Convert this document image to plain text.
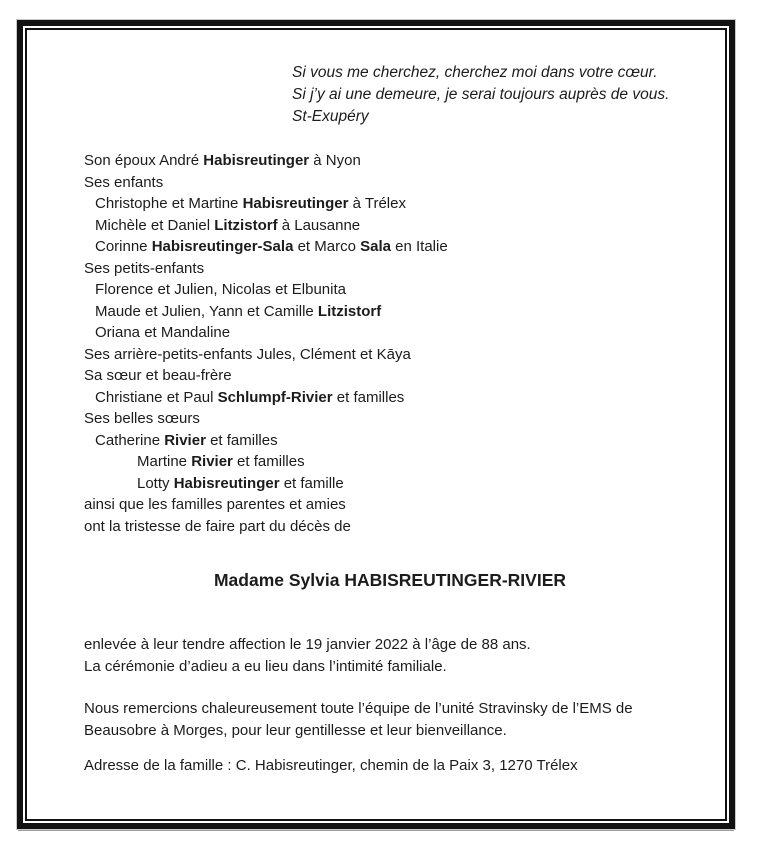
Si vous me cherchez, cherchez moi dans votre cœur.
Si j’y ai une demeure, je serai toujours auprès de vous.
St-Exupéry
Son époux André Habisreutinger à Nyon
Ses enfants
Christophe et Martine Habisreutinger à Trélex
Michèle et Daniel Litzistorf à Lausanne
Corinne Habisreutinger-Sala et Marco Sala en Italie
Ses petits-enfants
Florence et Julien, Nicolas et Elbunita
Maude et Julien, Yann et Camille Litzistorf
Oriana et Mandaline
Ses arrière-petits-enfants Jules, Clément et Kāya
Sa sœur et beau-frère
Christiane et Paul Schlumpf-Rivier et familles
Ses belles sœurs
Catherine Rivier et familles
Martine Rivier et familles
Lotty Habisreutinger et famille
ainsi que les familles parentes et amies
ont la tristesse de faire part du décès de
Madame Sylvia HABISREUTINGER-RIVIER
enlevée à leur tendre affection le 19 janvier 2022 à l’âge de 88 ans.
La cérémonie d’adieu a eu lieu dans l’intimité familiale.
Nous remercions chaleureusement toute l’équipe de l’unité Stravinsky de l’EMS de
Beausobre à Morges, pour leur gentillesse et leur bienveillance.
Adresse de la famille : C. Habisreutinger, chemin de la Paix 3, 1270 Trélex
